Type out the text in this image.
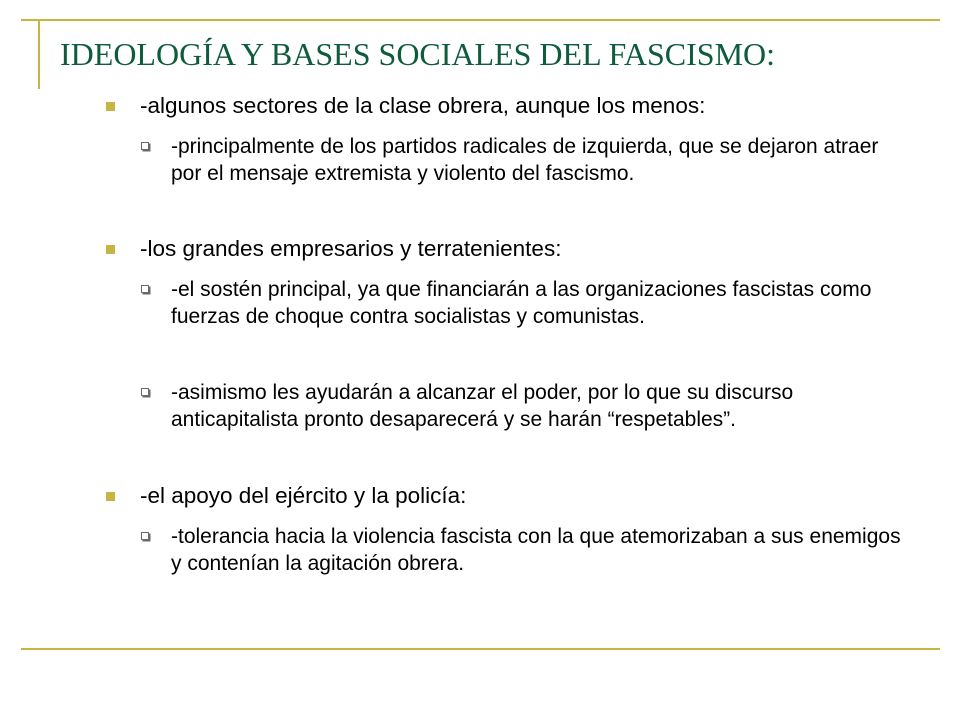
IDEOLOGÍA Y BASES SOCIALES DEL FASCISMO:
-algunos sectores de la clase obrera, aunque los menos:
-principalmente de los partidos radicales de izquierda, que se dejaron atraer por el mensaje extremista y violento del fascismo.
-los grandes empresarios y terratenientes:
-el sostén principal, ya que financiarán a las organizaciones fascistas como fuerzas de choque contra socialistas y comunistas.
-asimismo les ayudarán a alcanzar el poder, por lo que su discurso anticapitalista pronto desaparecerá y se harán “respetables”.
-el apoyo del ejército y la policía:
-tolerancia hacia la violencia fascista con la que atemorizaban a sus enemigos y contenían la agitación obrera.
